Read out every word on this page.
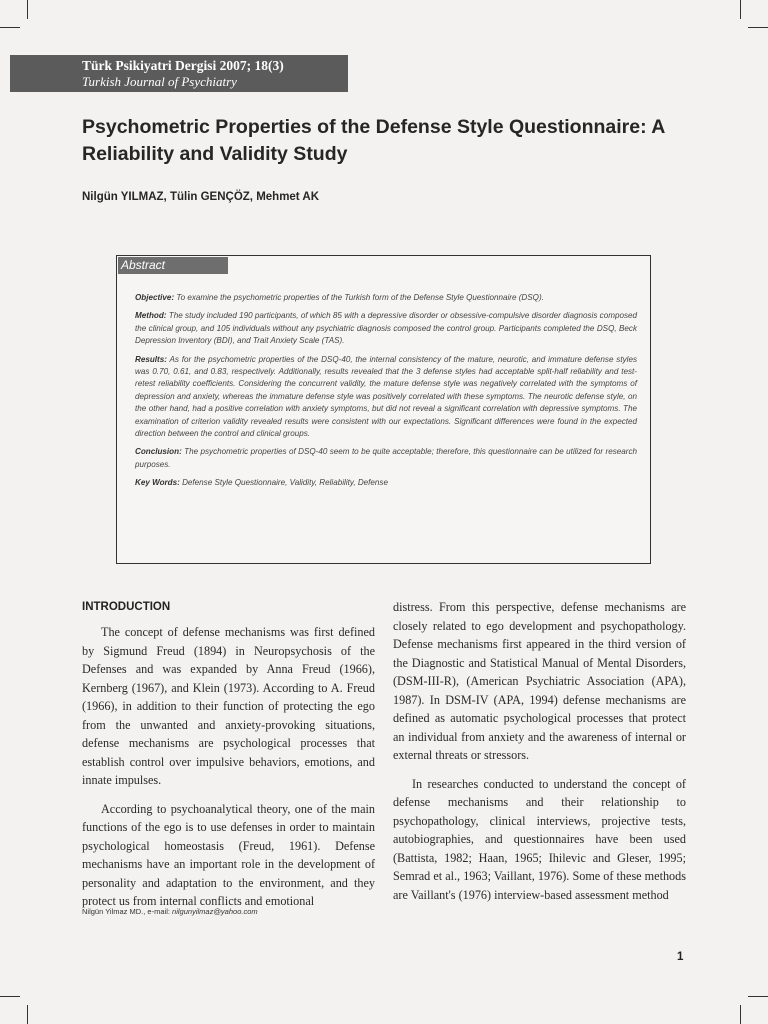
Türk Psikiyatri Dergisi 2007; 18(3)
Turkish Journal of Psychiatry
Psychometric Properties of the Defense Style Questionnaire: A Reliability and Validity Study
Nilgün YILMAZ, Tülin GENÇÖZ, Mehmet AK
Abstract

Objective: To examine the psychometric properties of the Turkish form of the Defense Style Questionnaire (DSQ).

Method: The study included 190 participants, of which 85 with a depressive disorder or obsessive-compulsive disorder diagnosis composed the clinical group, and 105 individuals without any psychiatric diagnosis composed the control group. Participants completed the DSQ, Beck Depression Inventory (BDI), and Trait Anxiety Scale (TAS).

Results: As for the psychometric properties of the DSQ-40, the internal consistency of the mature, neurotic, and immature defense styles was 0.70, 0.61, and 0.83, respectively. Additionally, results revealed that the 3 defense styles had acceptable split-half reliability and test-retest reliability coefficients. Considering the concurrent validity, the mature defense style was negatively correlated with the symptoms of depression and anxiety, whereas the immature defense style was positively correlated with these symptoms. The neurotic defense style, on the other hand, had a positive correlation with anxiety symptoms, but did not reveal a significant correlation with depressive symptoms. The examination of criterion validity revealed results were consistent with our expectations. Significant differences were found in the expected direction between the control and clinical groups.

Conclusion: The psychometric properties of DSQ-40 seem to be quite acceptable; therefore, this questionnaire can be utilized for research purposes.

Key Words: Defense Style Questionnaire, Validity, Reliability, Defense

INTRODUCTION

The concept of defense mechanisms was first defined by Sigmund Freud (1894) in Neuropsychosis of the Defenses and was expanded by Anna Freud (1966), Kernberg (1967), and Klein (1973). According to A. Freud (1966), in addition to their function of protecting the ego from the unwanted and anxiety-provoking situations, defense mechanisms are psychological processes that establish control over impulsive behaviors, emotions, and innate impulses.

According to psychoanalytical theory, one of the main functions of the ego is to use defenses in order to maintain psychological homeostasis (Freud, 1961). Defense mechanisms have an important role in the development of personality and adaptation to the environment, and they protect us from internal conflicts and emotional

distress. From this perspective, defense mechanisms are closely related to ego development and psychopathology. Defense mechanisms first appeared in the third version of the Diagnostic and Statistical Manual of Mental Disorders, (DSM-III-R), (American Psychiatric Association (APA), 1987). In DSM-IV (APA, 1994) defense mechanisms are defined as automatic psychological processes that protect an individual from anxiety and the awareness of internal or external threats or stressors.

In researches conducted to understand the concept of defense mechanisms and their relationship to psychopathology, clinical interviews, projective tests, autobiographies, and questionnaires have been used (Battista, 1982; Haan, 1965; Ihilevic and Gleser, 1995; Semrad et al., 1963; Vaillant, 1976). Some of these methods are Vaillant's (1976) interview-based assessment method

Nilgün Yilmaz MD., e-mail: nilgunyilmaz@yahoo.com
1
